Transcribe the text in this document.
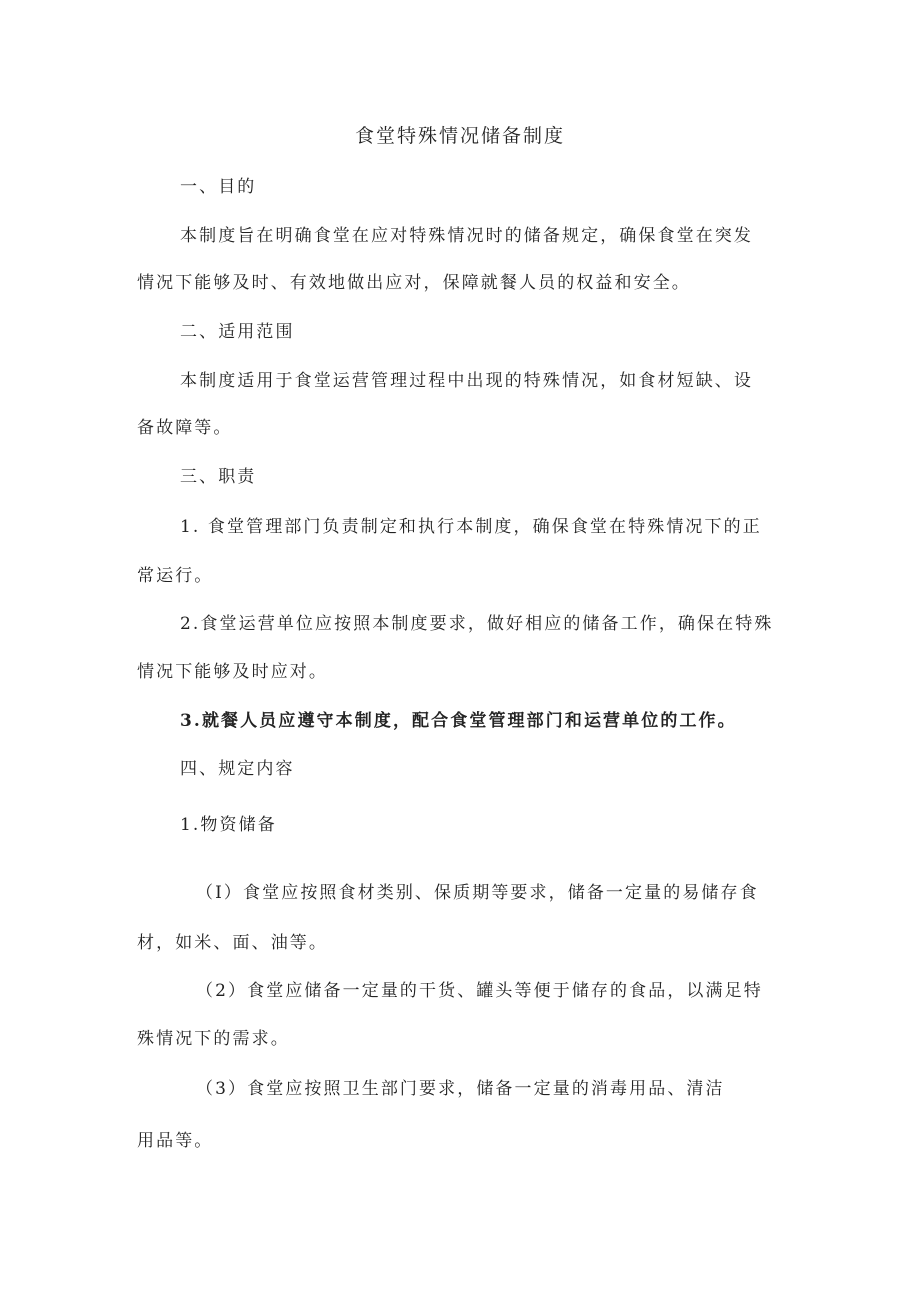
食堂特殊情况储备制度

一、目的

本制度旨在明确食堂在应对特殊情况时的储备规定，确保食堂在突发

情况下能够及时、有效地做出应对，保障就餐人员的权益和安全。

二、适用范围

本制度适用于食堂运营管理过程中出现的特殊情况，如食材短缺、设

备故障等。

三、职责

1. 食堂管理部门负责制定和执行本制度，确保食堂在特殊情况下的正

常运行。

2.食堂运营单位应按照本制度要求，做好相应的储备工作，确保在特殊

情况下能够及时应对。

3.就餐人员应遵守本制度，配合食堂管理部门和运营单位的工作。

四、规定内容

1.物资储备

（I）食堂应按照食材类别、保质期等要求，储备一定量的易储存食

材，如米、面、油等。

（2）食堂应储备一定量的干货、罐头等便于储存的食品，以满足特

殊情况下的需求。

（3）食堂应按照卫生部门要求，储备一定量的消毒用品、清洁

用品等。
